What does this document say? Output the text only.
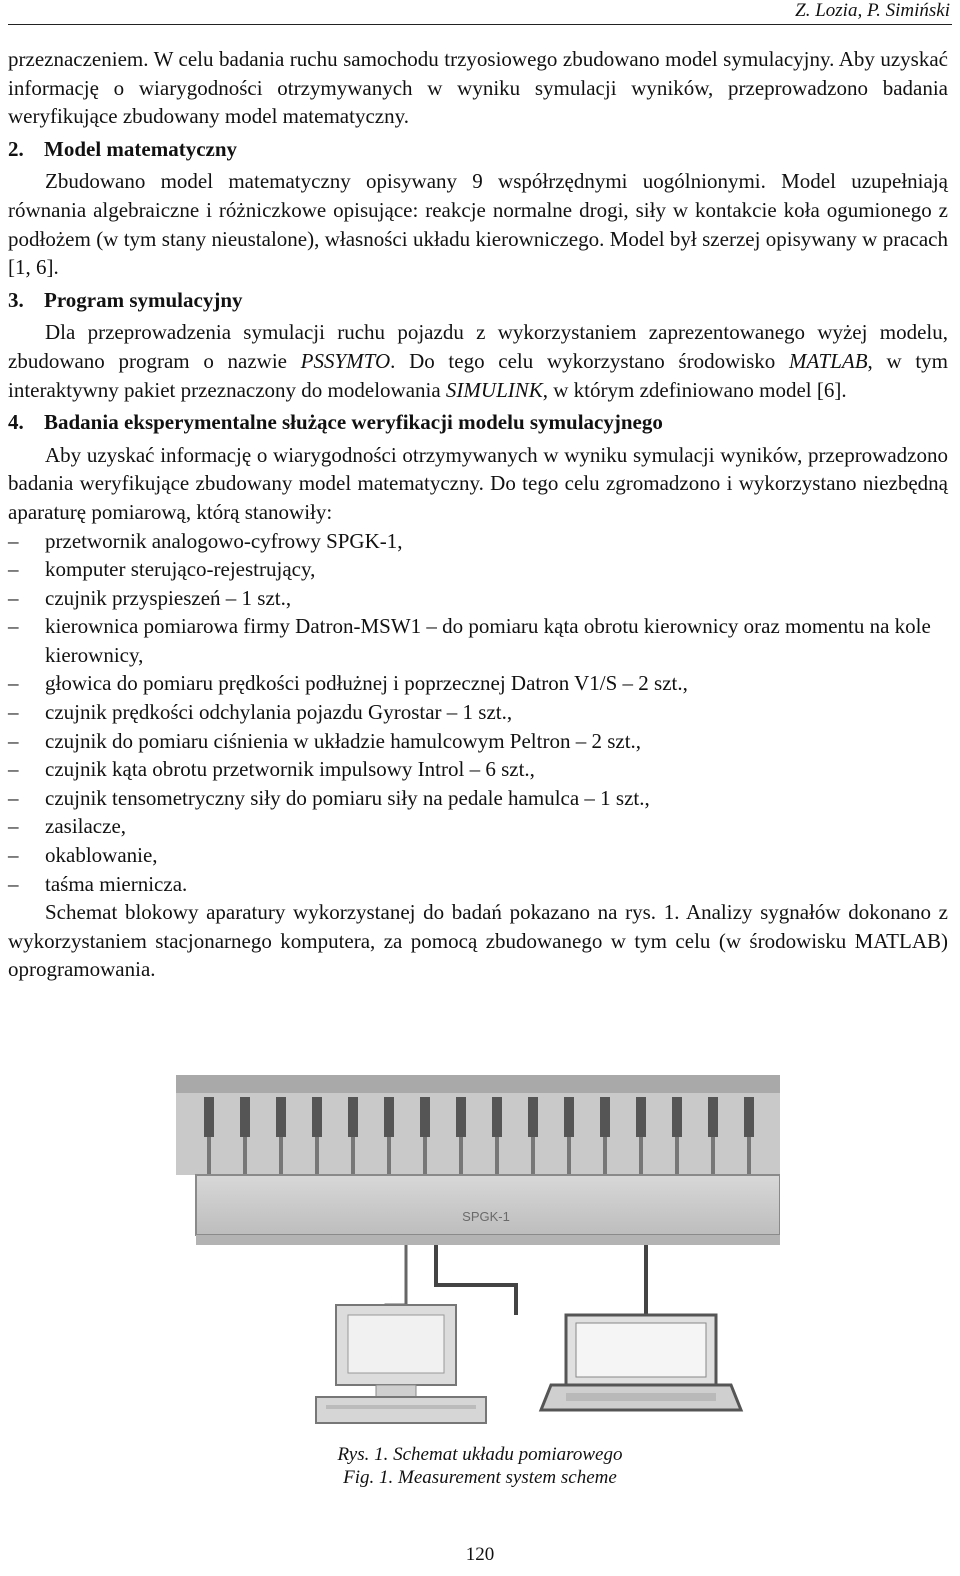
Z. Lozia, P. Simiński

przeznaczeniem. W celu badania ruchu samochodu trzyosiowego zbudowano model symulacyjny. Aby uzyskać informację o wiarygodności otrzymywanych w wyniku symulacji wyników, przeprowadzono badania weryfikujące zbudowany model matematyczny.

2. Model matematyczny

Zbudowano model matematyczny opisywany 9 współrzędnymi uogólnionymi. Model uzupełniają równania algebraiczne i różniczkowe opisujące: reakcje normalne drogi, siły w kontakcie koła ogumionego z podłożem (w tym stany nieustalone), własności układu kierowniczego. Model był szerzej opisywany w pracach [1, 6].

3. Program symulacyjny

Dla przeprowadzenia symulacji ruchu pojazdu z wykorzystaniem zaprezentowanego wyżej modelu, zbudowano program o nazwie PSSYMTO. Do tego celu wykorzystano środowisko MATLAB, w tym interaktywny pakiet przeznaczony do modelowania SIMULINK, w którym zdefiniowano model [6].

4. Badania eksperymentalne służące weryfikacji modelu symulacyjnego

Aby uzyskać informację o wiarygodności otrzymywanych w wyniku symulacji wyników, przeprowadzono badania weryfikujące zbudowany model matematyczny. Do tego celu zgromadzono i wykorzystano niezbędną aparaturę pomiarową, którą stanowiły:

– przetwornik analogowo-cyfrowy SPGK-1,
– komputer sterująco-rejestrujący,
– czujnik przyspieszeń – 1 szt.,
– kierownica pomiarowa firmy Datron-MSW1 – do pomiaru kąta obrotu kierownicy oraz momentu na kole kierownicy,
– głowica do pomiaru prędkości podłużnej i poprzecznej Datron V1/S – 2 szt.,
– czujnik prędkości odchylania pojazdu Gyrostar – 1 szt.,
– czujnik do pomiaru ciśnienia w układzie hamulcowym Peltron – 2 szt.,
– czujnik kąta obrotu przetwornik impulsowy Introl – 6 szt.,
– czujnik tensometryczny siły do pomiaru siły na pedale hamulca – 1 szt.,
– zasilacze,
– okablowanie,
– taśma miernicza.

Schemat blokowy aparatury wykorzystanej do badań pokazano na rys. 1. Analizy sygnałów dokonano z wykorzystaniem stacjonarnego komputera, za pomocą zbudowanego w tym celu (w środowisku MATLAB) oprogramowania.

SPGK-1
Rys. 1. Schemat układu pomiarowego
Fig. 1. Measurement system scheme
120
